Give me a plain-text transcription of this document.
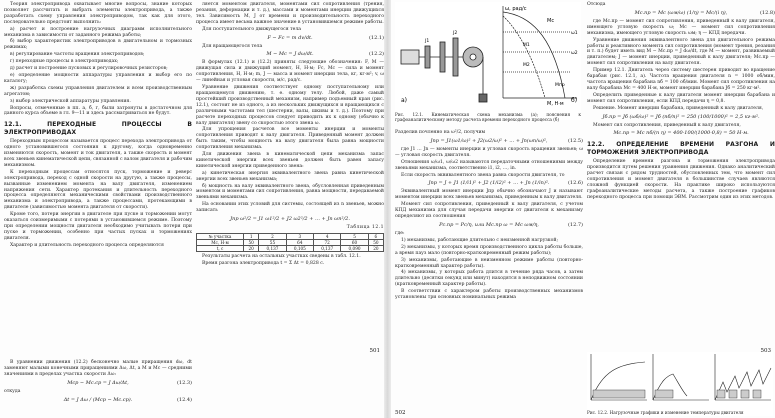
Теория электропривода охватывает многие вопросы, знание которых позволяет рассчитать и выбрать элементы электропривода, а также разработать схему управления электроприводом, так как для этого, последовательно предстоит выполнить:

а) расчет и построение нагрузочных диаграмм исполнительного механизма в зависимости от заданного режима работы;

б) выбор характеристик электроприводов в двигательном и тормозных режимах;

в) регулирование частоты вращения электроприводов;

г) переходные процессы в электроприводах;

д) расчет и построение пусковых и регулировочных резисторов;

е) определение мощности аппаратуры управления и выбор его по каталогу;

ж) разработка схемы управления двигателем и всем производственным агрегатом;

з) выбор электрической аппаратуры управления.

Вопросы, отмеченные в пп. а, б, г, были затронуты в достаточном для данного курса объеме в гл. 9—11 и здесь рассматриваться не будут.

12.1. ПЕРЕХОДНЫЕ ПРОЦЕССЫ В ЭЛЕКТРОПРИВОДАХ

Переходным процессом называется процесс перехода электропривода от одного установившегося состояния к другому, когда одновременно изменяются скорость, момент и ток двигателя, а также скорость и момент всех звеньев кинематической цепи, связанной с валом двигателя и рабочим механизмом.

К переходным процессам относятся пуск, торможение и реверс электропривода, переход с одной скорости на другую, а также процессы, вызванные изменением момента на валу двигателя, изменением напряжения сети. Характер протекания и длительность переходного процесса определяются механическими свойствами производственного механизма и электропривода, а также процессами, протекающими в двигателе (зависимостью момента двигателя от скорости).

Кроме того, потери энергии в двигателе при пуске и торможении могут оказаться соизмеримыми с потерями в установившемся режиме. Поэтому при определении мощности двигателя необходимо учитывать потери при пуске и торможении, особенно при частых пусках и торможениях двигателя.

Характер и длительность переходного процесса определяются

В уравнении движения (12.2) бесконечно малые приращения dω, dt заменяют малыми конечными приращениями Δω, Δt, а M и Mс — средними значениями в пределах участка скорости Δω:

Mср − Mс.ср = J Δω/Δt,	(12.3)

откуда

Δt = J Δω / (Mср − Mс.ср).	(12.4)

ляется моментом двигателя, моментами сил сопротивления (трения, резания, деформации и т. д.), массами и моментами инерции движущихся тел. Зависимость M, J от времени и производительность переходного процесса имеет весьма важное значение в установившемся режиме работы.

Для поступательного движущегося тела

F − Fc = m dv/dt.	(12.1)

Для вращающегося тела

M − Mc = J dω/dt.	(12.2)

В формулах (12.1) и (12.2) приняты следующие обозначения: F, M — движущая сила и движущий момент, Н, Н·м; Fc, Mc — сила и момент сопротивления, Н, Н·м; m, J — масса и момент инерции тела, кг, кг·м²; v, ω — линейная и угловая скорости, м/с, рад/с.

Уравнение движения соответствует одному поступательному или вращающемуся движению, т. е. одному телу. Любой, даже самый простейший производственный механизм, например подъемный кран (рис. 12.1), состоит не из одного, а из нескольких движущихся и вращающихся с различными частотами тел (шестерни, валы, шкивы и т. д.). Поэтому при расчете переходных процессов следует приводить их к одному (обычно к валу двигателя) звену со скоростью этого звена ω.

Для упрощения расчетов все моменты инерции и моменты сопротивления приводят к валу двигателя. Приведенный момент должен быть таким, чтобы мощность на валу двигателя была равна мощности сопротивления механизма.

Для движения звена в кинематической цепи механизма запас кинетической энергии всех звеньев должен быть равен запасу кинетической энергии приведенного звена:

а) кинетическая энергия эквивалентного звена равна кинетической энергии всех звеньев механизма;

б) мощность на валу эквивалентного звена, обусловленная приведенным моментом и моментами сил сопротивления, равна мощности, передаваемой звеньями механизма.

На основании этих условий для системы, состоящей из n звеньев, можно записать

Jпр ω²/2 = J1 ω1²/2 + J2 ω2²/2 + … + Jn ωn²/2.
Таблица 12.1
№ участка	1	2	3	4	5	6
Mс, Н·м	50	55	64	72	60	50
t, с	20	0,137	0,105	0,137	0,090	20

Результаты расчета на остальных участках сведены в табл. 12.1.

Время разгона электропривода t = Σ Δt = 0,828 с.

501
а)
ω, рад/с
M, Н·м
Mс
ω1
ω2
M1
M2
Mпр
J1
J2
б)
Рис. 12.1. Кинематическая схема механизма (а); пояснения к графоаналитическому методу расчета времени переходного процесса (б)

Разделив почленно на ω²/2, получим

Jпр = J1(ω1/ω)² + J2(ω2/ω)² + … + Jn(ωn/ω)²,	(12.5)

где J1 … Jn — моменты инерции и угловая скорость вращения звеньев; ω — угловая скорость двигателя.

Отношения ω/ω1, ω/ω2 называются передаточными отношениями между звеньями механизма, соответственно i1, i2, …, in.

Если скорость эквивалентного звена равна скорости двигателя, то

Jпр = J + J1 (1/i1)² + J2 (1/i2)² + … + Jn (1/in)².	(12.6)

Эквивалентный момент инерции Jпр обычно обозначают J и называют моментом инерции всех звеньев механизма, приведенным к валу двигателя.

Момент сил сопротивления, приведенный к валу двигателя, с учетом КПД механизма для случая передачи энергии от двигателя к механизму определяют из соотношения

Pс.пр = Pс/η, или Mс.пр ω = Mс ωм/η,	(12.7)

где:

1) механизмы, работающие длительно с неизменной нагрузкой;

2) механизмы, у которых время производственного цикла работы больше, а время пауз мало (повторно-кратковременный режим работы);

3) механизмы, работающие в неизменном режиме работы (повторно-кратковременный характер работы).

4) механизмы, у которых работа длится в течение ряда часов, а затем длительно (десятки секунд или минут) находятся в неподвижном состоянии (кратковременный характер работы).

В соответствии с характером работы производственных механизмов установлены три основных номинальных режима

502

Отсюда

Mс.пр = Mс (ωм/ω) (1/η) = Mс/(i η),	(12.8)

где Mс.пр — момент сил сопротивления, приведенный к валу двигателя, имеющего угловую скорость ω; Mс — момент сил сопротивления механизма, имеющего угловую скорость ωм; η — КПД передачи.

Уравнение движения эквивалентного звена для двигательного режима работы и реактивного момента сил сопротивления (момент трения, резания и т. п.) будет иметь вид M − Mс.пр = J dω/dt, где M — момент, развиваемый двигателем; J — момент инерции, приведенный к валу двигателя; Mс.пр — момент сил сопротивления на валу двигателя.

Пример 12.1. Двигатель через систему шестерен приводит во вращение барабан (рис. 12.1, а). Частота вращения двигателя n = 1000 об/мин, частота вращения барабана nб = 100 об/мин. Момент сил сопротивления на валу барабана Mс = 400 Н·м, момент инерции барабана Jб = 250 кг·м².

Определить приведенные к валу двигателя момент инерции барабана и момент сил сопротивления, если КПД передачи η = 0,8.

Решение. Момент инерции барабана, приведенный к валу двигателя,

Jб.пр = Jб (ωб/ω)² = Jб (nб/n)² = 250 (100/1000)² = 2,5 кг·м².

Момент сил сопротивления, приведенный к валу двигателя,

Mс.пр = Mс nб/(n η) = 400·100/(1000·0,8) = 50 Н·м.
12.2. ОПРЕДЕЛЕНИЕ ВРЕМЕНИ РАЗГОНА И ТОРМОЖЕНИЯ ЭЛЕКТРОПРИВОДА

Определение времени разгона и торможения электропривода производится путем решения уравнения движения. Однако аналитический расчет связан с рядом трудностей, обусловленных тем, что момент сил сопротивления и момент двигателя в большинстве случаев являются сложной функцией скорости. На практике широко используются графоаналитические методы расчета, а также построение графиков переходного процесса при помощи ЭВМ. Рассмотрим один из этих методов.

Рис. 12.2. Нагрузочные графики и изменение температуры двигателя
503
